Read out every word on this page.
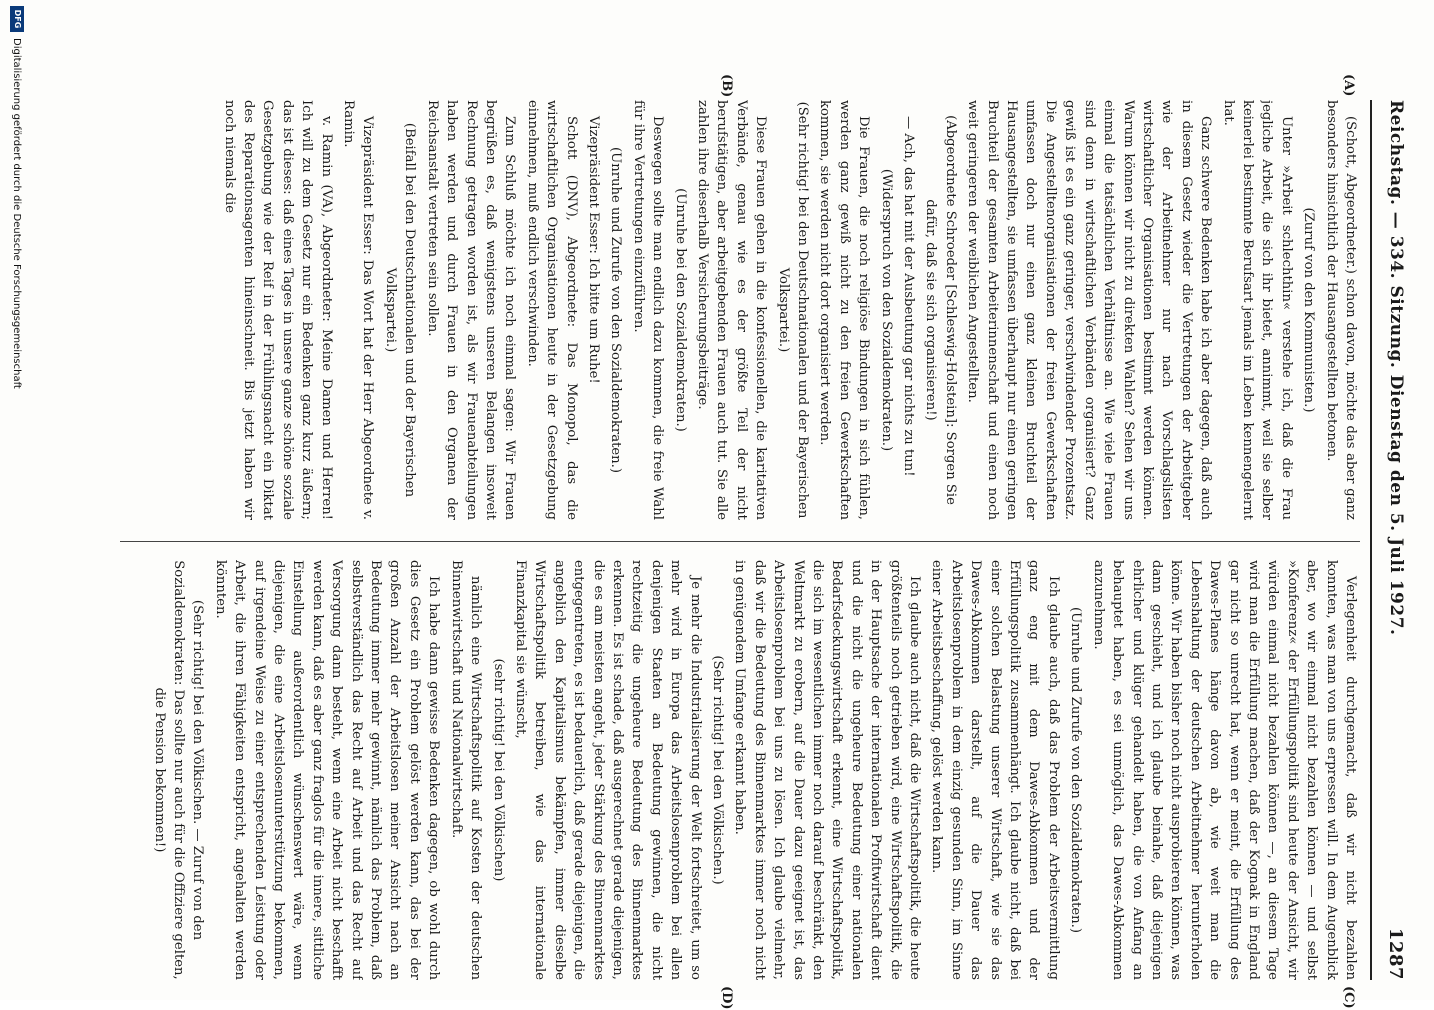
Reichstag. — 334. Sitzung. Dienstag den 5. Juli 1927.
1287
(A)
(B)
(C)
(D)

(Schott, Abgeordneter.) schon davon, möchte das aber ganz besonders hinsichtlich der Hausangestellten betonen.

(Zuruf von den Kommunisten.)

Unter »Arbeit schlechthin« verstehe ich, daß die Frau jegliche Arbeit, die sich ihr bietet, annimmt, weil sie selber keinerlei bestimmte Berufsart jemals im Leben kennengelernt hat.

Ganz schwere Bedenken habe ich aber dagegen, daß auch in diesem Gesetz wieder die Vertretungen der Arbeitgeber wie der Arbeitnehmer nur nach Vorschlagslisten wirtschaftlicher Organisationen bestimmt werden können. Warum können wir nicht zu direkten Wahlen? Sehen wir uns einmal die tatsächlichen Verhältnisse an. Wie viele Frauen sind denn in wirtschaftlichen Verbänden organisiert? Ganz gewiß ist es ein ganz geringer, verschwindender Prozentsatz. Die Angestelltenorganisationen der freien Gewerkschaften umfassen doch nur einen ganz kleinen Bruchteil der Hausangestellten, sie umfassen überhaupt nur einen geringen Bruchteil der gesamten Arbeiterinnenschaft und einen noch weit geringeren der weiblichen Angestellten.

(Abgeordnete Schroeder [Schleswig-Holstein]: Sorgen Sie dafür, daß sie sich organisieren!)

— Ach, das hat mit der Ausbeutung gar nichts zu tun!

(Widerspruch von den Sozialdemokraten.)

Die Frauen, die noch religiöse Bindungen in sich fühlen, werden ganz gewiß nicht zu den freien Gewerkschaften kommen, sie werden nicht dort organisiert werden.

(Sehr richtig! bei den Deutschnationalen und der Bayerischen Volkspartei.)

Diese Frauen gehen in die konfessionellen, die karitativen Verbände, genau wie es der größte Teil der nicht berufstätigen, aber arbeitgebenden Frauen auch tut. Sie alle zahlen ihre dieserhalb Versicherungsbeiträge.

(Unruhe bei den Sozialdemokraten.)

Deswegen sollte man endlich dazu kommen, die freie Wahl für ihre Vertretungen einzuführen.

(Unruhe und Zurufe von den Sozialdemokraten.)

Vizepräsident Esser: Ich bitte um Ruhe!

Schott (DNV), Abgeordnete: Das Monopol, das die wirtschaftlichen Organisationen heute in der Gesetzgebung einnehmen, muß endlich verschwinden.

Zum Schluß möchte ich noch einmal sagen: Wir Frauen begrüßen es, daß wenigstens unseren Belangen insoweit Rechnung getragen worden ist, als wir Frauenabteilungen haben werden und durch Frauen in den Organen der Reichsanstalt vertreten sein sollen.

(Beifall bei den Deutschnationalen und der Bayerischen Volkspartei.)

Vizepräsident Esser: Das Wort hat der Herr Abgeordnete v. Ramin.

v. Ramin (VA), Abgeordneter: Meine Damen und Herren! Ich will zu dem Gesetz nur ein Bedenken ganz kurz äußern; das ist dieses: daß eines Tages in unsere ganze schöne soziale Gesetzgebung wie der Reif in der Frühlingsnacht ein Diktat des Reparationsagenten hineinschneit. Bis jetzt haben wir noch niemals die

Verlegenheit durchgemacht, daß wir nicht bezahlen konnten, was man von uns erpressen will. In dem Augenblick aber, wo wir einmal nicht bezahlen können — und selbst »Konferenz« der Erfüllungspolitik sind heute der Ansicht, wir würden einmal nicht bezahlen können —, an diesem Tage wird man die Erfüllung machen, daß der Kognak in England gar nicht so unrecht hat, wenn er meint, die Erfüllung des Dawes-Planes hänge davon ab, wie weit man die Lebenshaltung der deutschen Arbeitnehmer herunterholen könne. Wir haben bisher noch nicht ausprobieren können, was dann geschieht, und ich glaube beinahe, daß diejenigen ehrlicher und klüger gehandelt haben, die von Anfang an behauptet haben, es sei unmöglich, das Dawes-Abkommen anzunehmen.

(Unruhe und Zurufe von den Sozialdemokraten.)

Ich glaube auch, daß das Problem der Arbeitsvermittlung ganz eng mit dem Dawes-Abkommen und der Erfüllungspolitik zusammenhängt. Ich glaube nicht, daß bei einer solchen Belastung unserer Wirtschaft, wie sie das Dawes-Abkommen darstellt, auf die Dauer das Arbeitslosenproblem in dem einzig gesunden Sinn, im Sinne einer Arbeitsbeschaffung, gelöst werden kann.

Ich glaube auch nicht, daß die Wirtschaftspolitik, die heute größtenteils noch getrieben wird, eine Wirtschaftspolitik, die in der Hauptsache der internationalen Profitwirtschaft dient und die nicht die ungeheure Bedeutung einer nationalen Bedarfsdeckungswirtschaft erkennt, eine Wirtschaftspolitik, die sich im wesentlichen immer noch darauf beschränkt, den Weltmarkt zu erobern, auf die Dauer dazu geeignet ist, das Arbeitslosenproblem bei uns zu lösen. Ich glaube vielmehr, daß wir die Bedeutung des Binnenmarktes immer noch nicht in genügendem Umfange erkannt haben.

(Sehr richtig! bei den Völkischen.)

Je mehr die Industrialisierung der Welt fortschreitet, um so mehr wird in Europa das Arbeitslosenproblem bei allen denjenigen Staaten an Bedeutung gewinnen, die nicht rechtzeitig die ungeheure Bedeutung des Binnenmarktes erkennen. Es ist schade, daß ausgerechnet gerade diejenigen, die es am meisten angeht, jeder Stärkung des Binnenmarktes entgegentreten, es ist bedauerlich, daß gerade diejenigen, die angeblich den Kapitalismus bekämpfen, immer dieselbe Wirtschaftspolitik betreiben, wie das internationale Finanzkapital sie wünscht,

(sehr richtig! bei den Völkischen)

nämlich eine Wirtschaftspolitik auf Kosten der deutschen Binnenwirtschaft und Nationalwirtschaft.

Ich habe dann gewisse Bedenken dagegen, ob wohl durch dies Gesetz ein Problem gelöst werden kann, das bei der großen Anzahl der Arbeitslosen meiner Ansicht nach an Bedeutung immer mehr gewinnt, nämlich das Problem, daß selbstverständlich das Recht auf Arbeit und das Recht auf Versorgung dann besteht, wenn eine Arbeit nicht beschafft werden kann, daß es aber ganz fraglos für die innere, sittliche Einstellung außerordentlich wünschenswert wäre, wenn diejenigen, die eine Arbeitslosenunterstützung bekommen, auf irgendeine Weise zu einer entsprechenden Leistung oder Arbeit, die ihren Fähigkeiten entspricht, angehalten werden könnten.

(Sehr richtig! bei den Völkischen. — Zuruf von den Sozialdemokraten: Das sollte nur auch für die Offiziere gelten, die Pension bekommen!)

DFG
Digitalisierung gefördert durch die Deutsche Forschungsgemeinschaft
